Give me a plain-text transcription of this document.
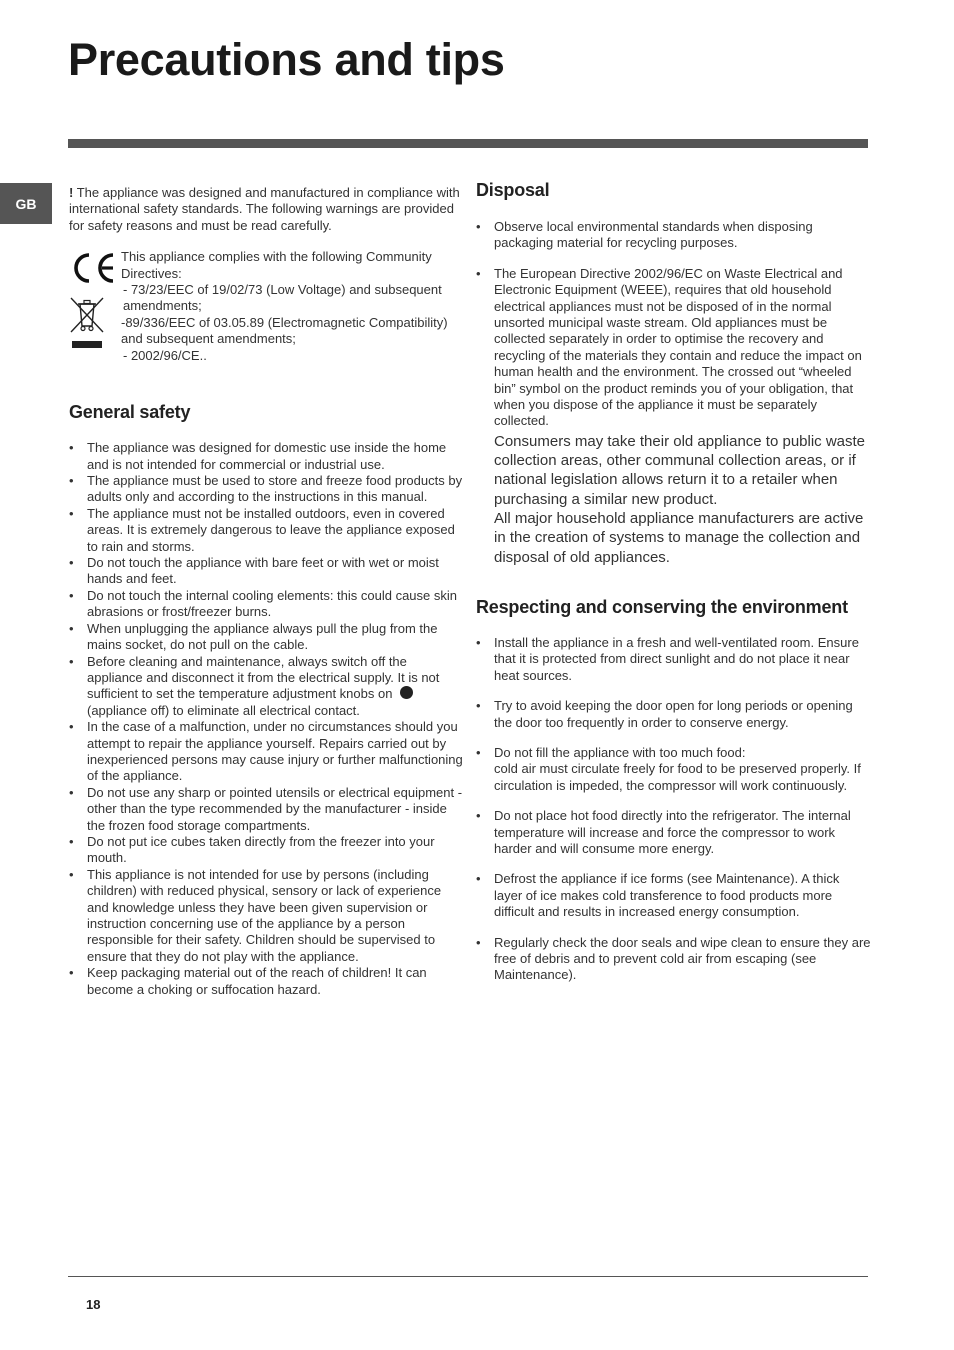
Precautions and tips
GB

! The appliance was designed and manufactured in compliance with international safety standards. The following warnings are provided for safety reasons and must be read carefully.

This appliance complies with the following Community Directives:

- 73/23/EEC of 19/02/73 (Low Voltage) and subsequent amendments;

-89/336/EEC of 03.05.89 (Electromagnetic Compatibility) and subsequent amendments;

- 2002/96/CE..

General safety
• The appliance was designed for domestic use inside the home and is not intended for commercial or industrial use.
• The appliance must be used to store and freeze food products by adults only and according to the instructions in this manual.
• The appliance must not be installed outdoors, even in covered areas. It is extremely dangerous to leave the appliance exposed to rain and storms.
• Do not touch the appliance with bare feet or with wet or moist hands and feet.
• Do not touch the internal cooling elements: this could cause skin abrasions or frost/freezer burns.
• When unplugging the appliance always pull the plug from the mains socket, do not pull on the cable.
• Before cleaning and maintenance, always switch off the appliance and disconnect it from the electrical supply. It is not sufficient to set the temperature adjustment knobs on
(appliance off) to eliminate all electrical contact.
• In the case of a malfunction, under no circumstances should you attempt to repair the appliance yourself. Repairs carried out by inexperienced persons may cause injury or further malfunctioning of the appliance.
• Do not use any sharp or pointed utensils or electrical equipment - other than the type recommended by the manufacturer - inside the frozen food storage compartments.
• Do not put ice cubes taken directly from the freezer into your mouth.
• This appliance is not intended for use by persons (including children) with reduced physical, sensory or lack of experience and knowledge unless they have been given supervision or instruction concerning use of the appliance by a person responsible for their safety. Children should be supervised to ensure that they do not play with the appliance.
• Keep packaging material out of the reach of children! It can become a choking or suffocation hazard.
Disposal
• Observe local environmental standards when disposing packaging material for recycling purposes.
• The European Directive 2002/96/EC on Waste Electrical and Electronic Equipment (WEEE), requires that old household electrical appliances must not be disposed of in the normal unsorted municipal waste stream. Old appliances must be collected separately in order to optimise the recovery and recycling of the materials they contain and reduce the impact on human health and the environment. The crossed out “wheeled bin” symbol on the product reminds you of your obligation, that when you dispose of the appliance it must be separately collected.

Consumers may take their old appliance to public waste collection areas, other communal collection areas, or if national legislation allows return it to a retailer when purchasing a similar new product.

All major household appliance manufacturers are active in the creation of systems to manage the collection and disposal of old appliances.

Respecting and conserving the environment
• Install the appliance in a fresh and well-ventilated room. Ensure that it is protected from direct sunlight and do not place it near heat sources.
• Try to avoid keeping the door open for long periods or opening the door too frequently in order to conserve energy.
• Do not fill the appliance with too much food:
cold air must circulate freely for food to be preserved properly. If circulation is impeded, the compressor will work continuously.
• Do not place hot food directly into the refrigerator. The internal temperature will increase and force the compressor to work harder and will consume more energy.
• Defrost the appliance if ice forms (see Maintenance). A thick layer of ice makes cold transference to food products more difficult and results in increased energy consumption.
• Regularly check the door seals and wipe clean to ensure they are free of debris and to prevent cold air from escaping (see Maintenance).
18
